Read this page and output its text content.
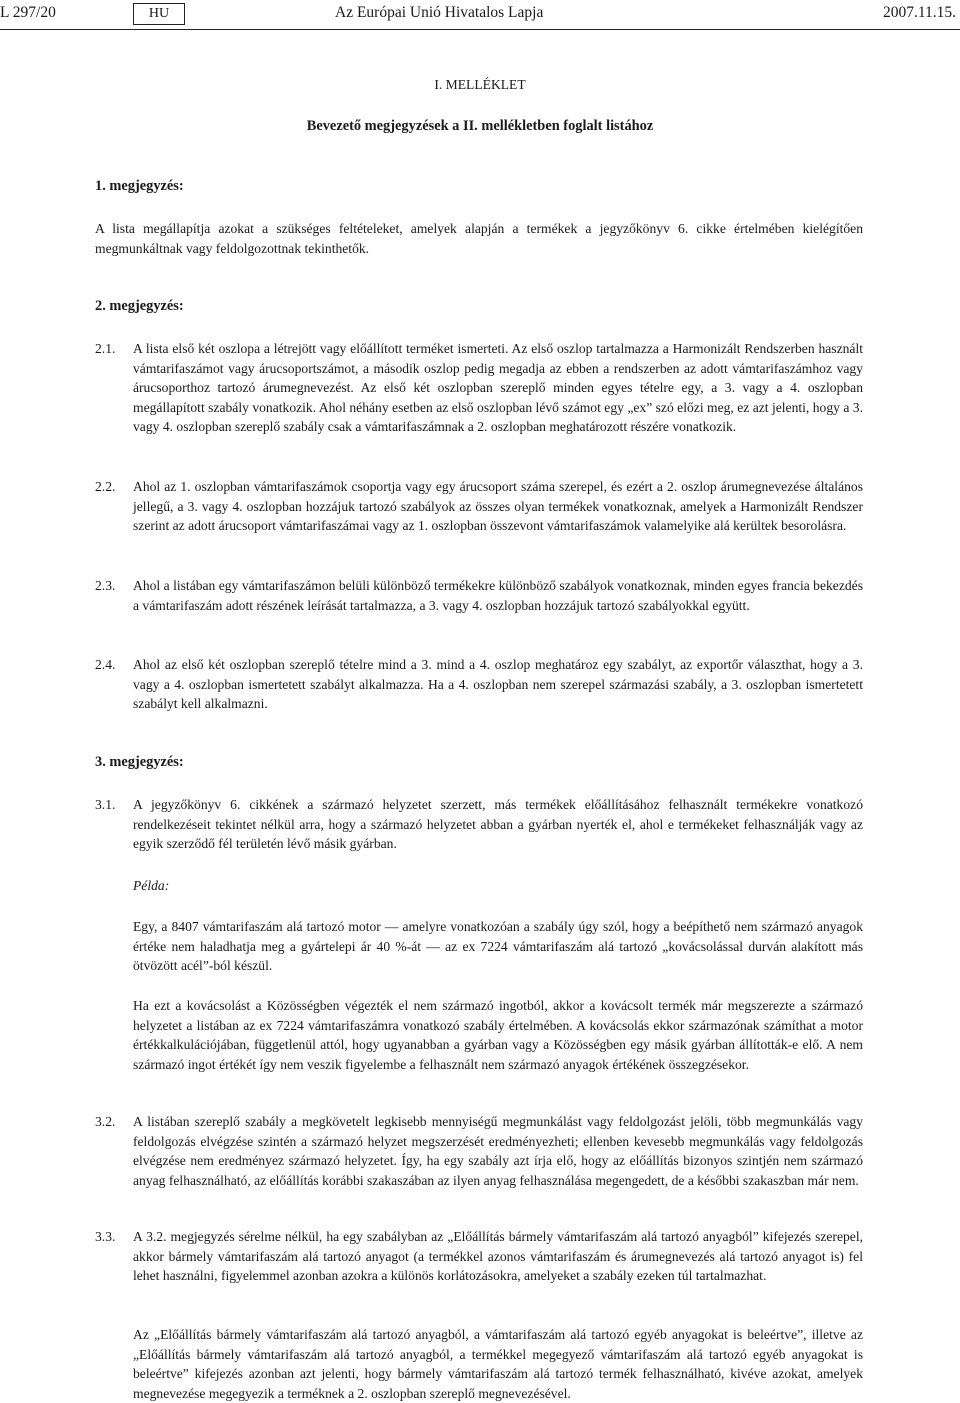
L 297/20	HU	Az Európai Unió Hivatalos Lapja	2007.11.15.
I. MELLÉKLET
Bevezető megjegyzések a II. mellékletben foglalt listához
1. megjegyzés:

A lista megállapítja azokat a szükséges feltételeket, amelyek alapján a termékek a jegyzőkönyv 6. cikke értelmében kielégítően megmunkáltnak vagy feldolgozottnak tekinthetők.

2. megjegyzés:
2.1. A lista első két oszlopa a létrejött vagy előállított terméket ismerteti. Az első oszlop tartalmazza a Harmonizált Rendszerben használt vámtarifaszámot vagy árucsoportszámot, a második oszlop pedig megadja az ebben a rendszerben az adott vámtarifaszámhoz vagy árucsoporthoz tartozó árumegnevezést. Az első két oszlopban szereplő minden egyes tételre egy, a 3. vagy a 4. oszlopban megállapított szabály vonatkozik. Ahol néhány esetben az első oszlopban lévő számot egy „ex” szó előzi meg, ez azt jelenti, hogy a 3. vagy 4. oszlopban szereplő szabály csak a vámtarifaszámnak a 2. oszlopban meghatározott részére vonatkozik.

2.2. Ahol az 1. oszlopban vámtarifaszámok csoportja vagy egy árucsoport száma szerepel, és ezért a 2. oszlop árumegnevezése általános jellegű, a 3. vagy 4. oszlopban hozzájuk tartozó szabályok az összes olyan termékek vonatkoznak, amelyek a Harmonizált Rendszer szerint az adott árucsoport vámtarifaszámai vagy az 1. oszlopban összevont vámtarifaszámok valamelyike alá kerültek besorolásra.

2.3. Ahol a listában egy vámtarifaszámon belüli különböző termékekre különböző szabályok vonatkoznak, minden egyes francia bekezdés a vámtarifaszám adott részének leírását tartalmazza, a 3. vagy 4. oszlopban hozzájuk tartozó szabályokkal együtt.

2.4. Ahol az első két oszlopban szereplő tételre mind a 3. mind a 4. oszlop meghatároz egy szabályt, az exportőr választhat, hogy a 3. vagy a 4. oszlopban ismertetett szabályt alkalmazza. Ha a 4. oszlopban nem szerepel származási szabály, a 3. oszlopban ismertetett szabályt kell alkalmazni.

3. megjegyzés:
3.1. A jegyzőkönyv 6. cikkének a származó helyzetet szerzett, más termékek előállításához felhasznált termékekre vonatkozó rendelkezéseit tekintet nélkül arra, hogy a származó helyzetet abban a gyárban nyerték el, ahol e termékeket felhasználják vagy az egyik szerződő fél területén lévő másik gyárban.

Példa:

Egy, a 8407 vámtarifaszám alá tartozó motor — amelyre vonatkozóan a szabály úgy szól, hogy a beépíthető nem származó anyagok értéke nem haladhatja meg a gyártelepi ár 40 %-át — az ex 7224 vámtarifaszám alá tartozó „kovácsolással durván alakított más ötvözött acél”-ból készül.

Ha ezt a kovácsolást a Közösségben végezték el nem származó ingotból, akkor a kovácsolt termék már megszerezte a származó helyzetet a listában az ex 7224 vámtarifaszámra vonatkozó szabály értelmében. A kovácsolás ekkor származónak számíthat a motor értékkalkulációjában, függetlenül attól, hogy ugyanabban a gyárban vagy a Közösségben egy másik gyárban állították-e elő. A nem származó ingot értékét így nem veszik figyelembe a felhasznált nem származó anyagok értékének összegzésekor.

3.2. A listában szereplő szabály a megkövetelt legkisebb mennyiségű megmunkálást vagy feldolgozást jelöli, több megmunkálás vagy feldolgozás elvégzése szintén a származó helyzet megszerzését eredményezheti; ellenben kevesebb megmunkálás vagy feldolgozás elvégzése nem eredményez származó helyzetet. Így, ha egy szabály azt írja elő, hogy az előállítás bizonyos szintjén nem származó anyag felhasználható, az előállítás korábbi szakaszában az ilyen anyag felhasználása megengedett, de a későbbi szakaszban már nem.

3.3. A 3.2. megjegyzés sérelme nélkül, ha egy szabályban az „Előállítás bármely vámtarifaszám alá tartozó anyagból” kifejezés szerepel, akkor bármely vámtarifaszám alá tartozó anyagot (a termékkel azonos vámtarifaszám és árumegnevezés alá tartozó anyagot is) fel lehet használni, figyelemmel azonban azokra a különös korlátozásokra, amelyeket a szabály ezeken túl tartalmazhat.

Az „Előállítás bármely vámtarifaszám alá tartozó anyagból, a vámtarifaszám alá tartozó egyéb anyagokat is beleértve”, illetve az „Előállítás bármely vámtarifaszám alá tartozó anyagból, a termékkel megegyező vámtarifaszám alá tartozó egyéb anyagokat is beleértve” kifejezés azonban azt jelenti, hogy bármely vámtarifaszám alá tartozó termék felhasználható, kivéve azokat, amelyek megnevezése megegyezik a terméknek a 2. oszlopban szereplő megnevezésével.
